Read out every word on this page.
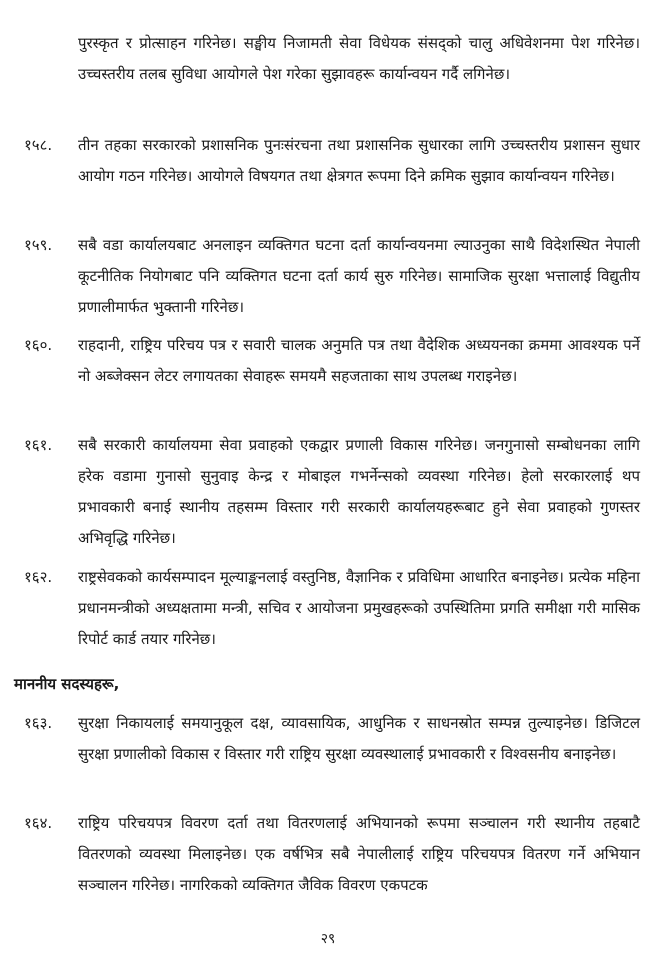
पुरस्कृत र प्रोत्साहन गरिनेछ। सङ्घीय निजामती सेवा विधेयक संसद्को चालु अधिवेशनमा पेश गरिनेछ। उच्चस्तरीय तलब सुविधा आयोगले पेश गरेका सुझावहरू कार्यान्वयन गर्दै लगिनेछ।
१५८.	तीन तहका सरकारको प्रशासनिक पुनःसंरचना तथा प्रशासनिक सुधारका लागि उच्चस्तरीय प्रशासन सुधार आयोग गठन गरिनेछ। आयोगले विषयगत तथा क्षेत्रगत रूपमा दिने क्रमिक सुझाव कार्यान्वयन गरिनेछ।
१५९.	सबै वडा कार्यालयबाट अनलाइन व्यक्तिगत घटना दर्ता कार्यान्वयनमा ल्याउनुका साथै विदेशस्थित नेपाली कूटनीतिक नियोगबाट पनि व्यक्तिगत घटना दर्ता कार्य सुरु गरिनेछ। सामाजिक सुरक्षा भत्तालाई विद्युतीय प्रणालीमार्फत भुक्तानी गरिनेछ।
१६०.	राहदानी, राष्ट्रिय परिचय पत्र र सवारी चालक अनुमति पत्र तथा वैदेशिक अध्ययनका क्रममा आवश्यक पर्ने नो अब्जेक्सन लेटर लगायतका सेवाहरू समयमै सहजताका साथ उपलब्ध गराइनेछ।
१६१.	सबै सरकारी कार्यालयमा सेवा प्रवाहको एकद्वार प्रणाली विकास गरिनेछ। जनगुनासो सम्बोधनका लागि हरेक वडामा गुनासो सुनुवाइ केन्द्र र मोबाइल गभर्नेन्सको व्यवस्था गरिनेछ। हेलो सरकारलाई थप प्रभावकारी बनाई स्थानीय तहसम्म विस्तार गरी सरकारी कार्यालयहरूबाट हुने सेवा प्रवाहको गुणस्तर अभिवृद्धि गरिनेछ।
१६२.	राष्ट्रसेवकको कार्यसम्पादन मूल्याङ्कनलाई वस्तुनिष्ठ, वैज्ञानिक र प्रविधिमा आधारित बनाइनेछ। प्रत्येक महिना प्रधानमन्त्रीको अध्यक्षतामा मन्त्री, सचिव र आयोजना प्रमुखहरूको उपस्थितिमा प्रगति समीक्षा गरी मासिक रिपोर्ट कार्ड तयार गरिनेछ।
माननीय सदस्यहरू,
१६३.	सुरक्षा निकायलाई समयानुकूल दक्ष, व्यावसायिक, आधुनिक र साधनस्रोत सम्पन्न तुल्याइनेछ। डिजिटल सुरक्षा प्रणालीको विकास र विस्तार गरी राष्ट्रिय सुरक्षा व्यवस्थालाई प्रभावकारी र विश्वसनीय बनाइनेछ।
१६४.	राष्ट्रिय परिचयपत्र विवरण दर्ता तथा वितरणलाई अभियानको रूपमा सञ्चालन गरी स्थानीय तहबाटै वितरणको व्यवस्था मिलाइनेछ। एक वर्षभित्र सबै नेपालीलाई राष्ट्रिय परिचयपत्र वितरण गर्ने अभियान सञ्चालन गरिनेछ। नागरिकको व्यक्तिगत जैविक विवरण एकपटक
२९
